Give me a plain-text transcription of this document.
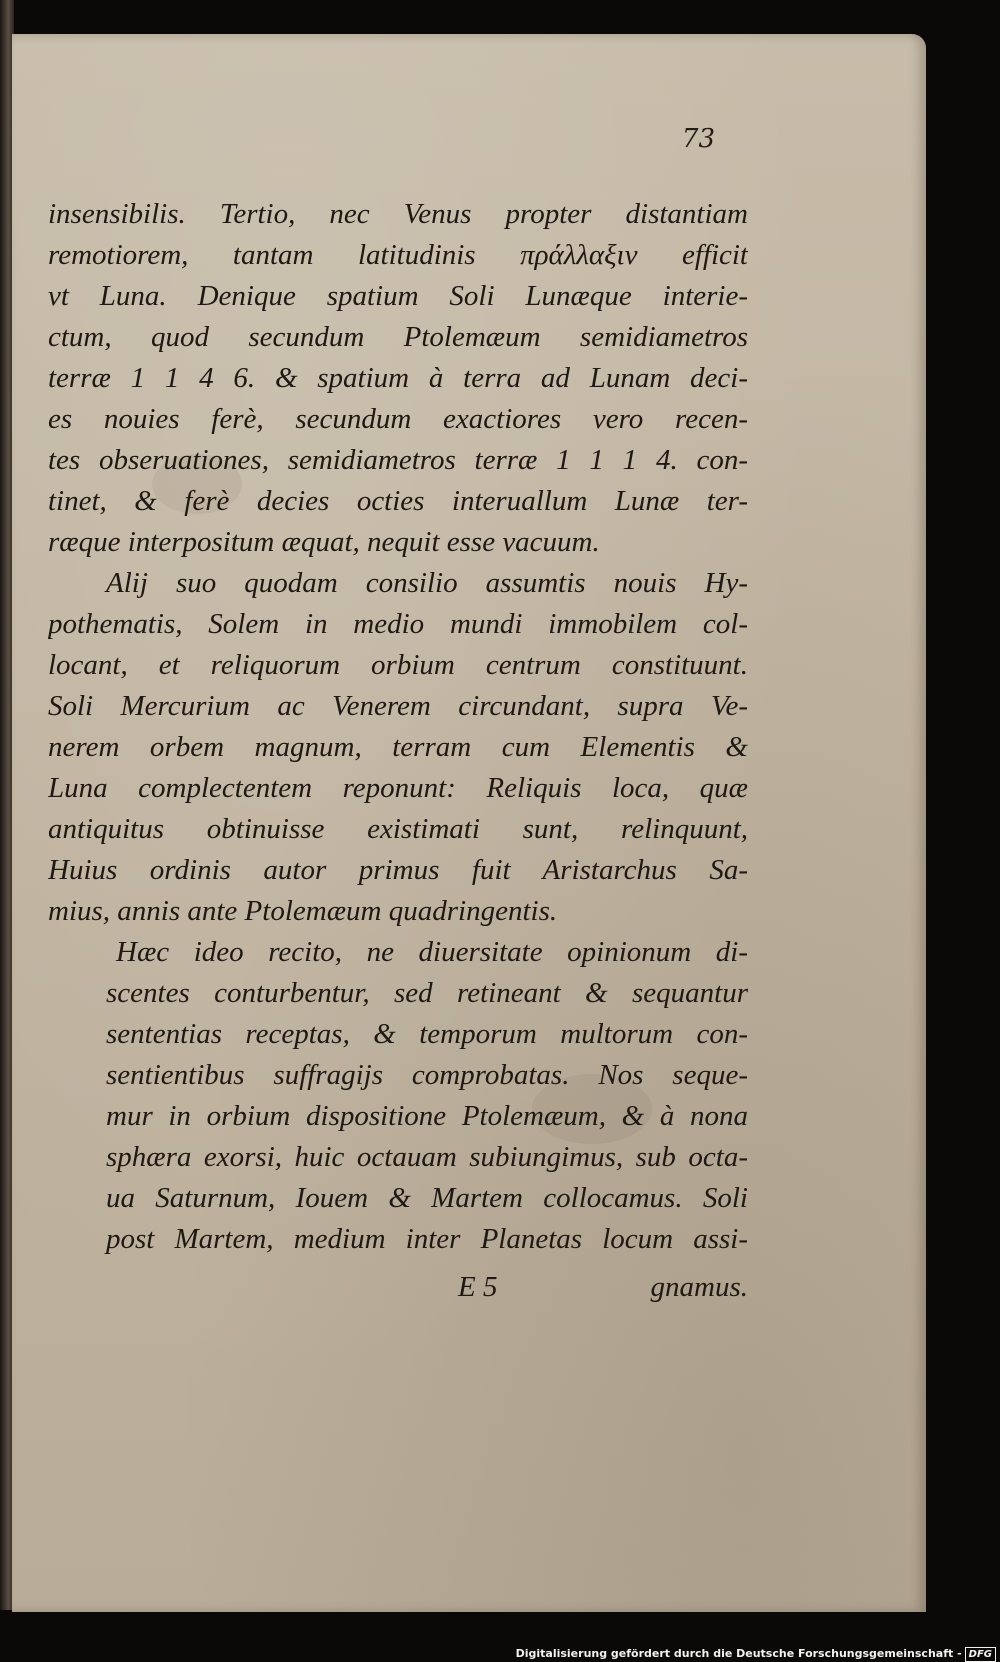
73
insensibilis. Tertio, nec Venus propter distantiam
remotiorem, tantam latitudinis πράλλαξιν efficit
vt Luna. Denique spatium Soli Lunæque interie-
ctum, quod secundum Ptolemæum semidiametros
terræ 1 1 4 6. & spatium à terra ad Lunam deci-
es nouies ferè, secundum exactiores vero recen-
tes obseruationes, semidiametros terræ 1 1 1 4. con-
tinet, & ferè decies octies interuallum Lunæ ter-
ræque interpositum æquat, nequit esse vacuum.
Alij suo quodam consilio assumtis nouis Hy-
pothematis, Solem in medio mundi immobilem col-
locant, et reliquorum orbium centrum constituunt.
Soli Mercurium ac Venerem circundant, supra Ve-
nerem orbem magnum, terram cum Elementis &
Luna complectentem reponunt: Reliquis loca, quæ
antiquitus obtinuisse existimati sunt, relinquunt,
Huius ordinis autor primus fuit Aristarchus Sa-
mius, annis ante Ptolemæum quadringentis.
Hæc ideo recito, ne diuersitate opinionum di-
scentes conturbentur, sed retineant & sequantur
sententias receptas, & temporum multorum con-
sentientibus suffragijs comprobatas. Nos seque-
mur in orbium dispositione Ptolemæum, & à nona
sphæra exorsi, huic octauam subiungimus, sub octa-
ua Saturnum, Iouem & Martem collocamus. Soli
post Martem, medium inter Planetas locum assi-
E 5	gnamus.
Digitalisierung gefördert durch die Deutsche Forschungsgemeinschaft - DFG
